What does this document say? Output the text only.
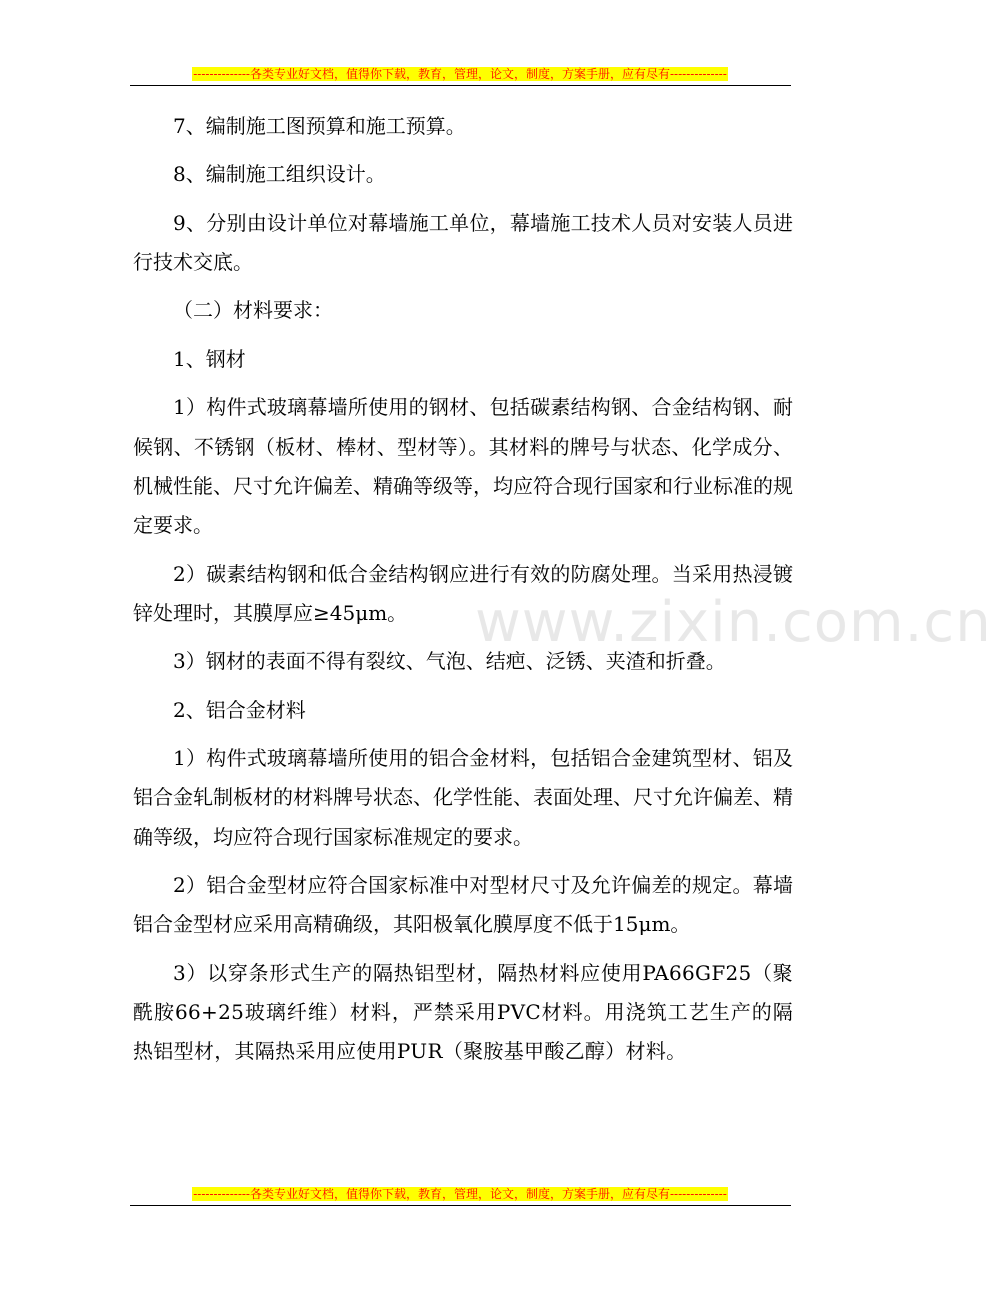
--------------各类专业好文档，值得你下载，教育，管理，论文，制度，方案手册，应有尽有--------------
www.zixin.com.cn

7、编制施工图预算和施工预算。

8、编制施工组织设计。

9、分别由设计单位对幕墙施工单位，幕墙施工技术人员对安装人员进行技术交底。

（二）材料要求：

1、钢材

1）构件式玻璃幕墙所使用的钢材、包括碳素结构钢、合金结构钢、耐候钢、不锈钢（板材、棒材、型材等）。其材料的牌号与状态、化学成分、机械性能、尺寸允许偏差、精确等级等，均应符合现行国家和行业标准的规定要求。

2）碳素结构钢和低合金结构钢应进行有效的防腐处理。当采用热浸镀锌处理时，其膜厚应≥45μm。

3）钢材的表面不得有裂纹、气泡、结疤、泛锈、夹渣和折叠。

2、铝合金材料

1）构件式玻璃幕墙所使用的铝合金材料，包括铝合金建筑型材、铝及铝合金轧制板材的材料牌号状态、化学性能、表面处理、尺寸允许偏差、精确等级，均应符合现行国家标准规定的要求。

2）铝合金型材应符合国家标准中对型材尺寸及允许偏差的规定。幕墙铝合金型材应采用高精确级，其阳极氧化膜厚度不低于15μm。

3）以穿条形式生产的隔热铝型材，隔热材料应使用PA66GF25（聚酰胺66+25玻璃纤维）材料，严禁采用PVC材料。用浇筑工艺生产的隔热铝型材，其隔热采用应使用PUR（聚胺基甲酸乙醇）材料。

--------------各类专业好文档，值得你下载，教育，管理，论文，制度，方案手册，应有尽有--------------
